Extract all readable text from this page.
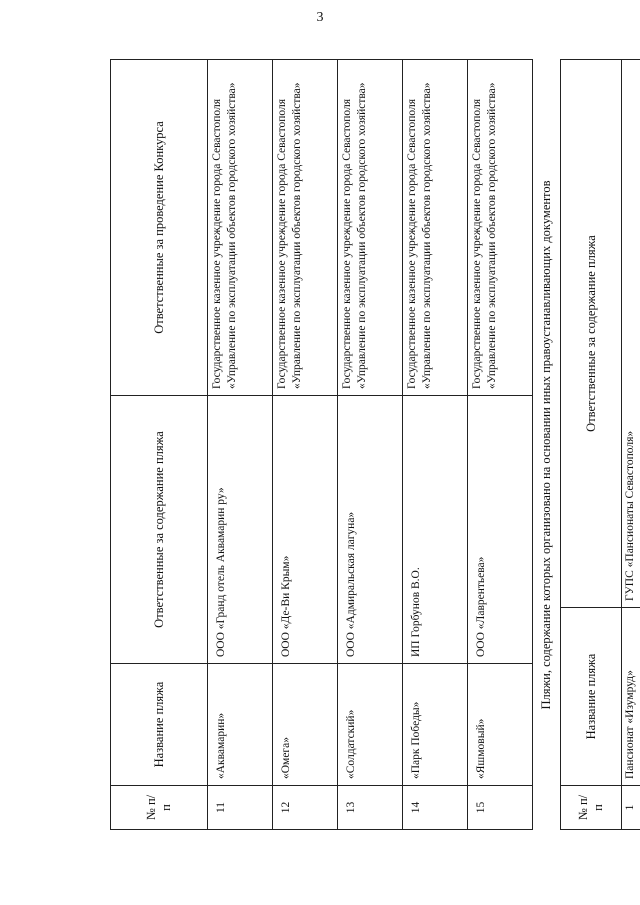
3
№ п/п	Название пляжа	Ответственные за содержание пляжа	Ответственные за проведение Конкурса
11	«Аквамарин»	ООО «Гранд отель Аквамарин ру»	Государственное казенное учреждение города Севастополя «Управление по эксплуатации объектов городского хозяйства»
12	«Омега»	ООО «Де-Ви Крым»	Государственное казенное учреждение города Севастополя «Управление по эксплуатации объектов городского хозяйства»
13	«Солдатский»	ООО «Адмиральская лагуна»	Государственное казенное учреждение города Севастополя «Управление по эксплуатации объектов городского хозяйства»
14	«Парк Победы»	ИП Горбунов В.О.	Государственное казенное учреждение города Севастополя «Управление по эксплуатации объектов городского хозяйства»
15	«Яшмовый»	ООО «Лаврентьева»	Государственное казенное учреждение города Севастополя «Управление по эксплуатации объектов городского хозяйства»	Пляжи, содержание которых организовано на основании иных правоустанавливающих документов
№ п/п	Название пляжа	Ответственные за содержание пляжа
1	Пансионат «Изумруд»	ГУПС «Пансионаты Севастополя»
